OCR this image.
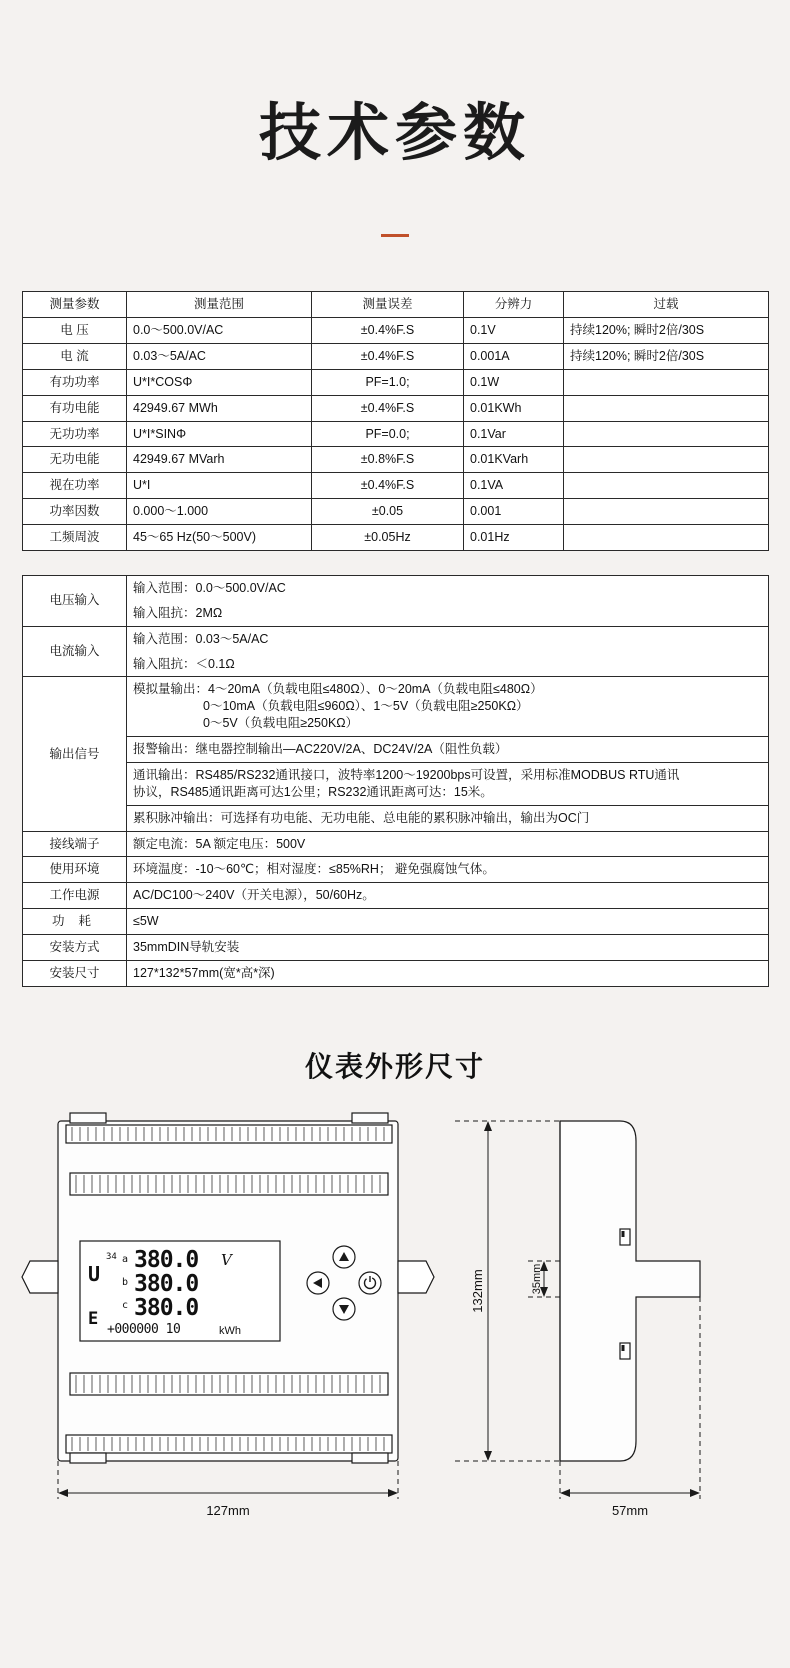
技术参数
测量参数	测量范围	测量误差	分辨力	过载
电 压	0.0～500.0V/AC	±0.4%F.S	0.1V	持续120%; 瞬时2倍/30S
电 流	0.03～5A/AC	±0.4%F.S	0.001A	持续120%; 瞬时2倍/30S
有功功率	U*I*COSΦ	PF=1.0;	0.1W	
有功电能	42949.67 MWh	±0.4%F.S	0.01KWh	
无功功率	U*I*SINΦ	PF=0.0;	0.1Var	
无功电能	42949.67 MVarh	±0.8%F.S	0.01KVarh	
视在功率	U*I	±0.4%F.S	0.1VA	
功率因数	0.000～1.000	±0.05	0.001	
工频周波	45～65 Hz(50～500V)	±0.05Hz	0.01Hz	
电压输入	输入范围：0.0～500.0V/AC
	输入阻抗：2MΩ
电流输入	输入范围：0.03～5A/AC
	输入阻抗：＜0.1Ω
输出信号	模拟量输出：4～20mA（负载电阻≤480Ω）、0～20mA（负载电阻≤480Ω）
0～10mA（负载电阻≤960Ω）、1～5V（负载电阻≥250KΩ）
0～5V（负载电阻≥250KΩ）

	报警输出：继电器控制输出—AC220V/2A、DC24V/2A（阻性负载）

	通讯输出：RS485/RS232通讯接口，波特率1200～19200bps可设置，采用标准MODBUS RTU通讯
协议，RS485通讯距离可达1公里；RS232通讯距离可达：15米。

	累积脉冲输出：可选择有功电能、无功电能、总电能的累积脉冲输出，输出为OC门
接线端子	额定电流：5A 额定电压：500V
使用环境	环境温度：-10～60℃；相对湿度：≤85%RH； 避免强腐蚀气体。
工作电源	AC/DC100～240V（开关电源），50/60Hz。
功耗	≤5W
安装方式	35mmDIN导轨安装
安装尺寸	127*132*57mm(宽*高*深)
仪表外形尺寸
34 a
b
c
U
E
380.0
380.0
380.0
V
+000000 10	kWh
127mm	57mm
132mm	35mm
